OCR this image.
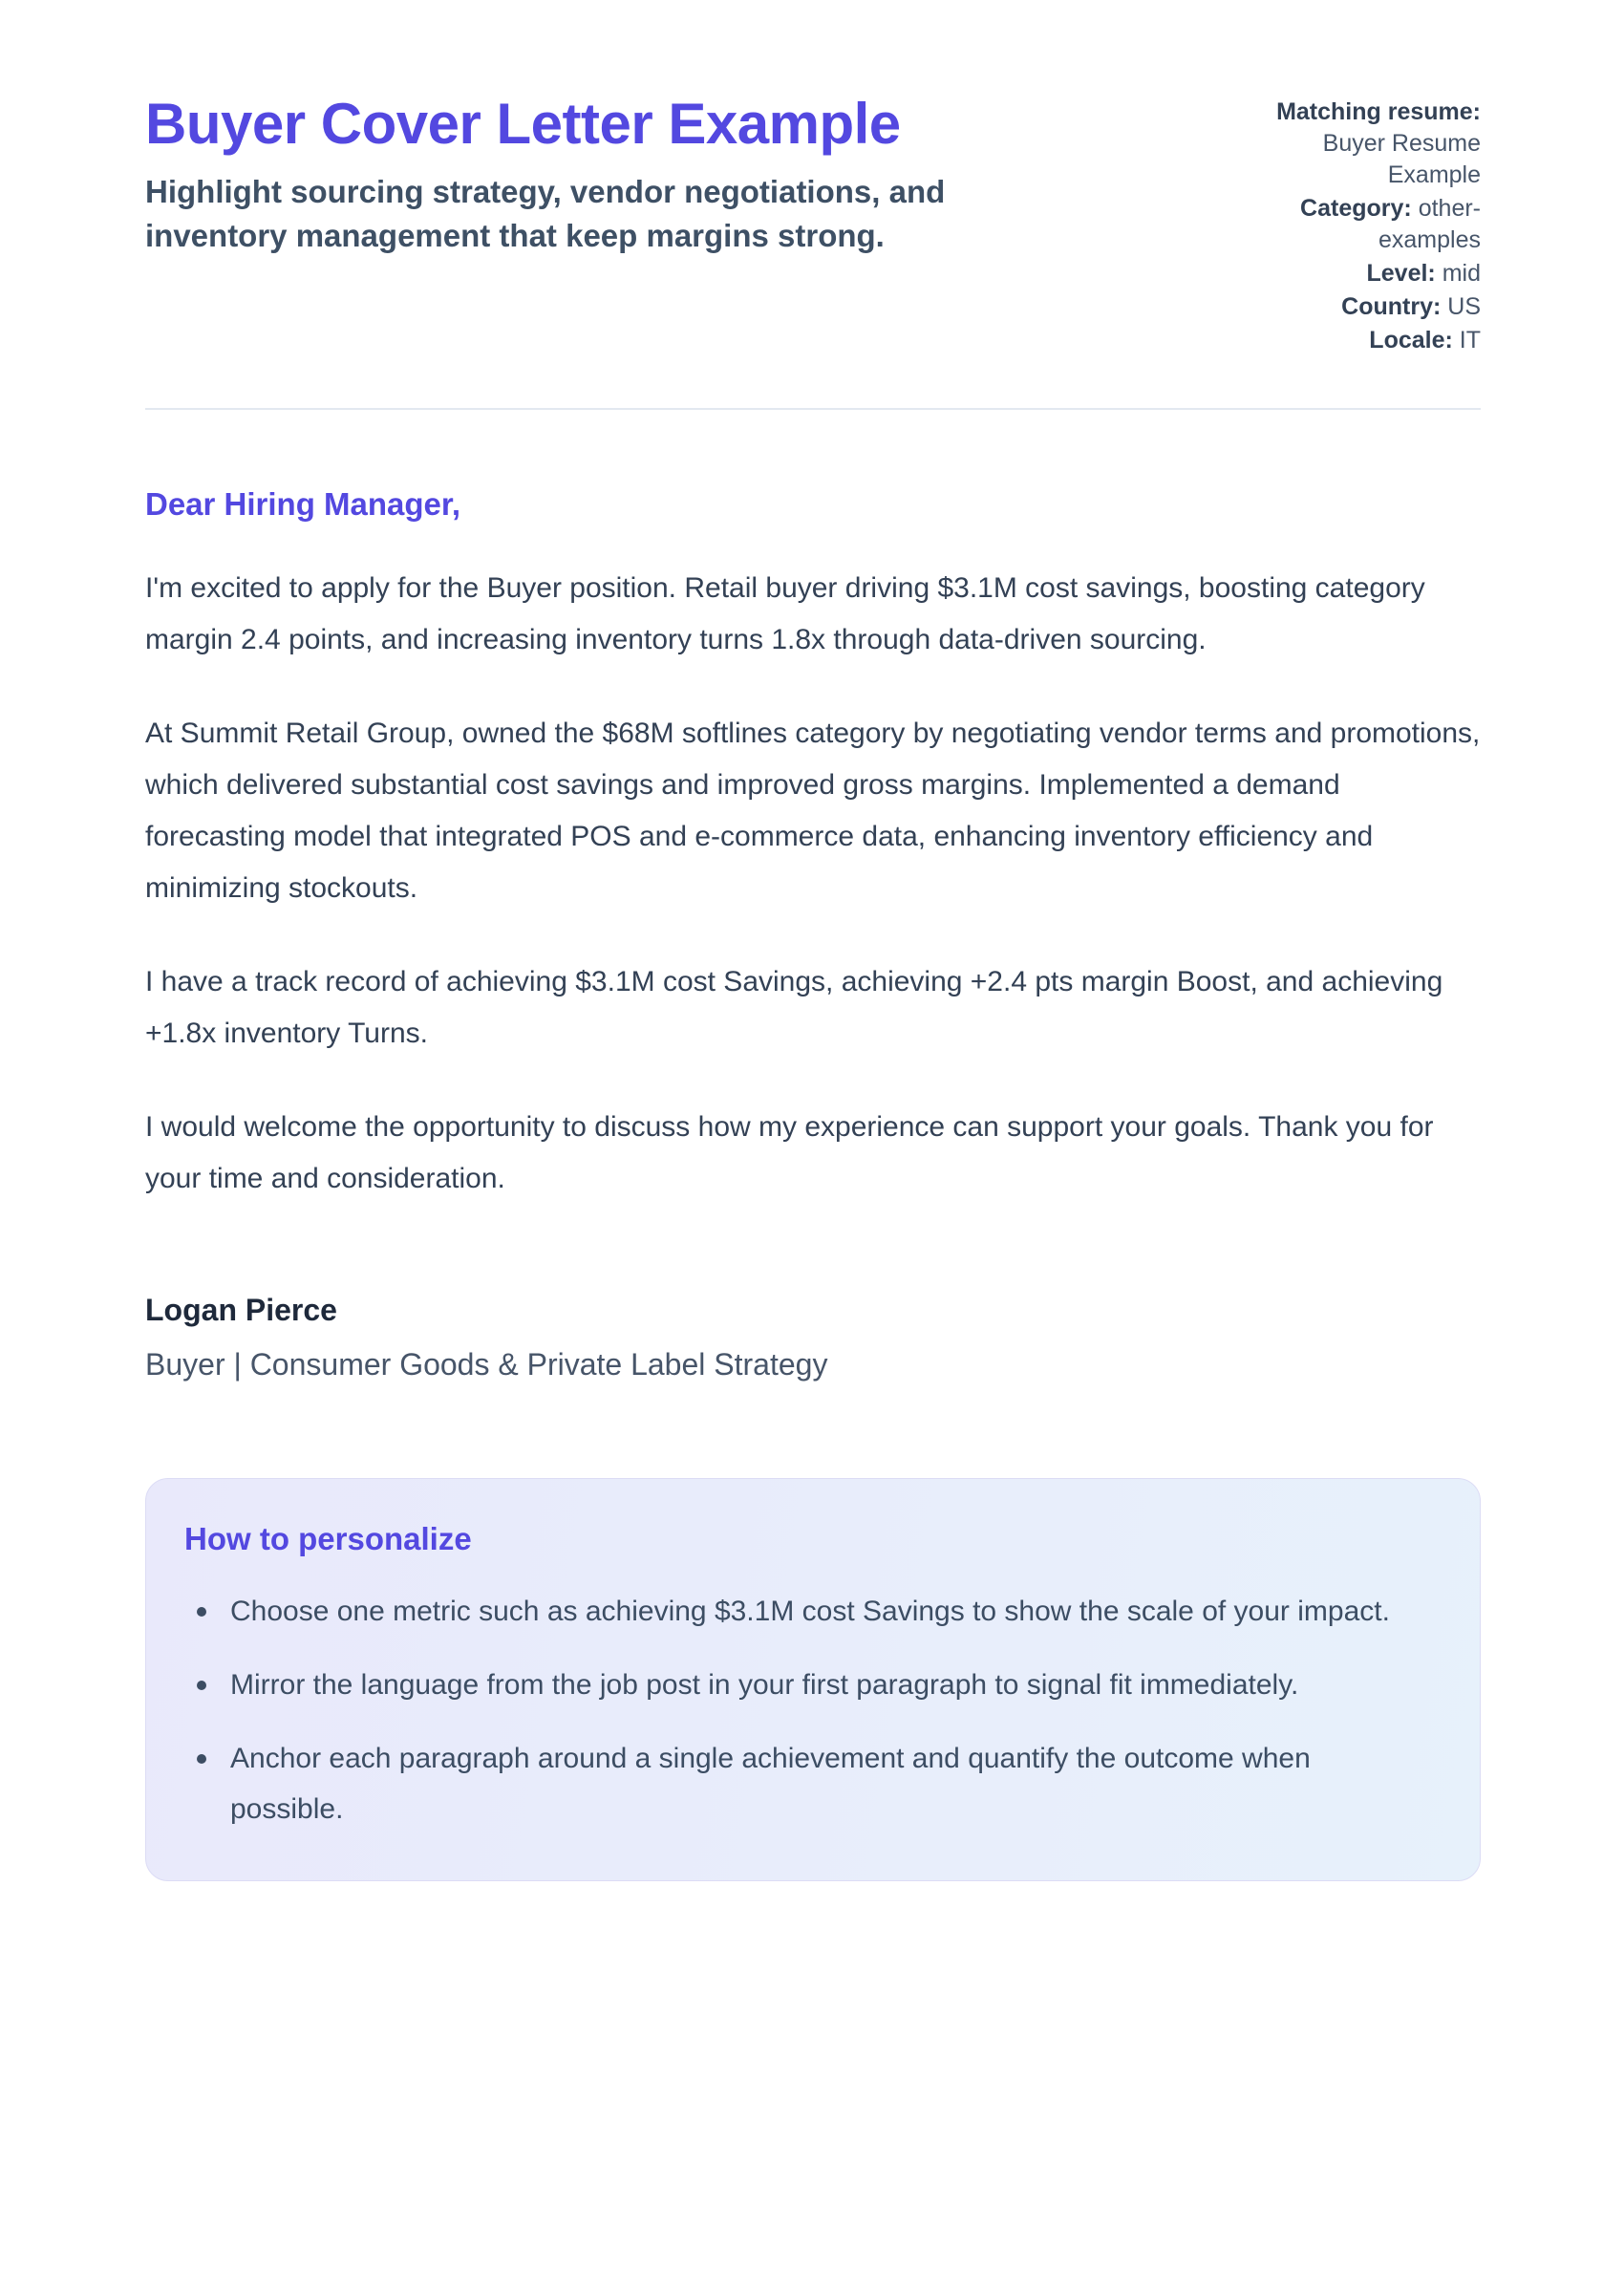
Buyer Cover Letter Example
Highlight sourcing strategy, vendor negotiations, and inventory management that keep margins strong.
Matching resume: Buyer Resume Example
Category: other-examples
Level: mid
Country: US
Locale: IT
Dear Hiring Manager,

I'm excited to apply for the Buyer position. Retail buyer driving $3.1M cost savings, boosting category margin 2.4 points, and increasing inventory turns 1.8x through data-driven sourcing.

At Summit Retail Group, owned the $68M softlines category by negotiating vendor terms and promotions, which delivered substantial cost savings and improved gross margins. Implemented a demand forecasting model that integrated POS and e-commerce data, enhancing inventory efficiency and minimizing stockouts.

I have a track record of achieving $3.1M cost Savings, achieving +2.4 pts margin Boost, and achieving +1.8x inventory Turns.

I would welcome the opportunity to discuss how my experience can support your goals. Thank you for your time and consideration.

Logan Pierce
Buyer | Consumer Goods & Private Label Strategy
How to personalize
Choose one metric such as achieving $3.1M cost Savings to show the scale of your impact.
Mirror the language from the job post in your first paragraph to signal fit immediately.
Anchor each paragraph around a single achievement and quantify the outcome when possible.
